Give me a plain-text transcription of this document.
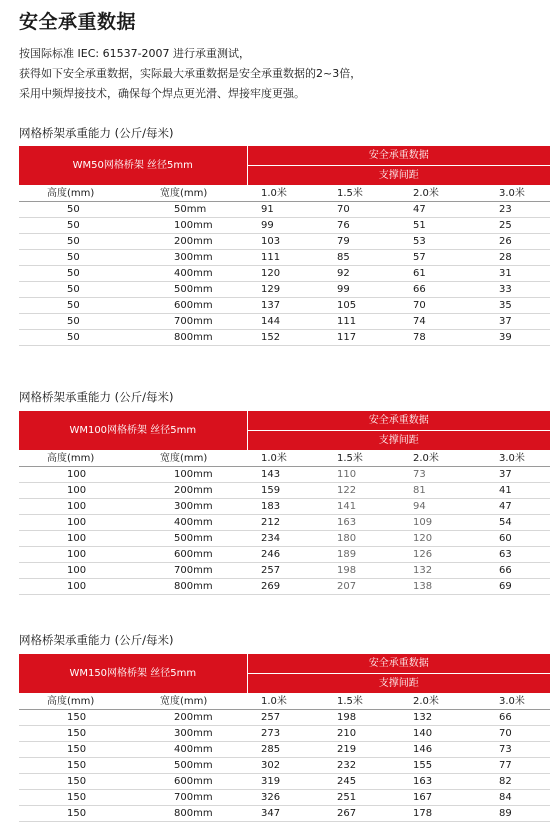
安全承重数据
按国际标准 IEC: 61537-2007 进行承重测试，
获得如下安全承重数据，实际最大承重数据是安全承重数据的2~3倍，
采用中频焊接技术，确保每个焊点更光滑、焊接牢度更强。
网格桥架承重能力 (公斤/每米)
WM50网格桥架 丝径5mm		安全承重数据			
		支撑间距			
高度(mm)	宽度(mm)	1.0米	1.5米	2.0米	3.0米
50	50mm	91	70	47	23
50	100mm	99	76	51	25
50	200mm	103	79	53	26
50	300mm	111	85	57	28
50	400mm	120	92	61	31
50	500mm	129	99	66	33
50	600mm	137	105	70	35
50	700mm	144	111	74	37
50	800mm	152	117	78	39
网格桥架承重能力 (公斤/每米)
WM100网格桥架 丝径5mm		安全承重数据			
		支撑间距			
高度(mm)	宽度(mm)	1.0米	1.5米	2.0米	3.0米
100	100mm	143	110	73	37
100	200mm	159	122	81	41
100	300mm	183	141	94	47
100	400mm	212	163	109	54
100	500mm	234	180	120	60
100	600mm	246	189	126	63
100	700mm	257	198	132	66
100	800mm	269	207	138	69
网格桥架承重能力 (公斤/每米)
WM150网格桥架 丝径5mm		安全承重数据			
		支撑间距			
高度(mm)	宽度(mm)	1.0米	1.5米	2.0米	3.0米
150	200mm	257	198	132	66
150	300mm	273	210	140	70
150	400mm	285	219	146	73
150	500mm	302	232	155	77
150	600mm	319	245	163	82
150	700mm	326	251	167	84
150	800mm	347	267	178	89
